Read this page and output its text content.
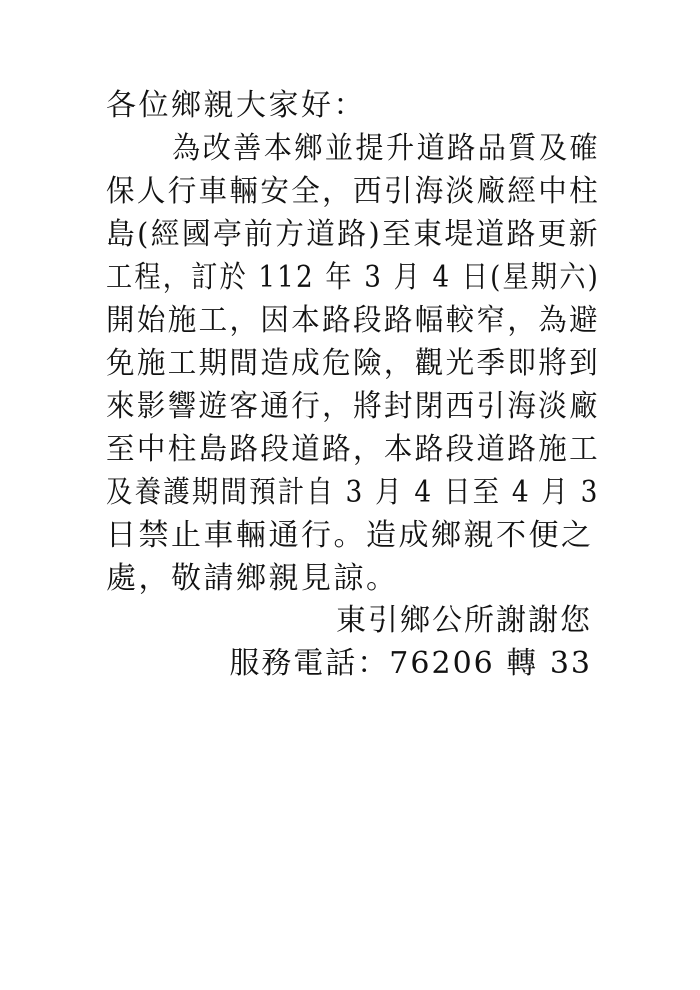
各位鄉親大家好：
為改善本鄉並提升道路品質及確
保人行車輛安全，西引海淡廠經中柱
島(經國亭前方道路)至東堤道路更新
工程，訂於 112 年 3 月 4 日(星期六)
開始施工，因本路段路幅較窄，為避
免施工期間造成危險，觀光季即將到
來影響遊客通行，將封閉西引海淡廠
至中柱島路段道路，本路段道路施工
及養護期間預計自 3 月 4 日至 4 月 3
日禁止車輛通行。造成鄉親不便之
處，敬請鄉親見諒。
東引鄉公所謝謝您
服務電話：76206 轉 33
